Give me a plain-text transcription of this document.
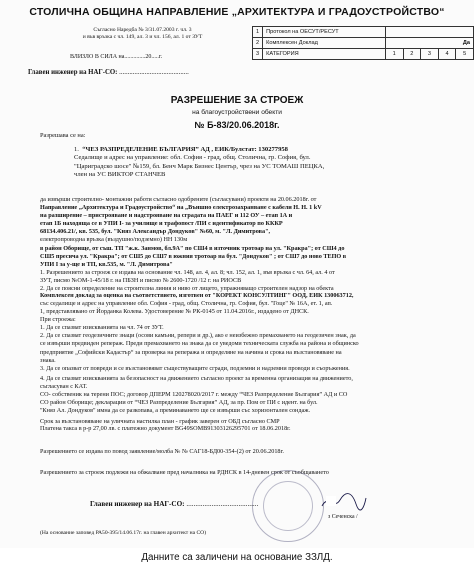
СТОЛИЧНА ОБЩИНА НАПРАВЛЕНИЕ „АРХИТЕКТУРА И ГРАДОУСТРОЙСТВО“
Съгласно Наредба № 3/31.07.2003 г. чл. 3
и във връзка с чл. 149, ал. 3 и чл. 156, ал. 1 от ЗУТ
ВЛИЗЛО В СИЛА на..............20.....г.
Главен инженер на НАГ-СО: .........................................
1	Протокол на ОЕСУТ/РЕСУТ					
2	Комплексен Доклад	Да				
3	КАТЕГОРИЯ	1	2	3	4	5
РАЗРЕШЕНИЕ ЗА СТРОЕЖ
на благоустройствени обекти
№ Б-83/20.06.2018г.
Разрешава се на:
1. “ЧЕЗ РАЗПРЕДЕЛЕНИЕ БЪЛГАРИЯ” АД , ЕИК/Булстат: 130277958
Седалище и адрес на управление: обл. София - град, общ. Столична, гр. София, бул.
"Цариградско шосе" №159, бл. Бенч Марк Бизнес Център, чрез на УС ТОМАШ ПЕЦКА,
член на УС ВИКТОР СТАНЧЕВ
да извърши строително- монтажни работи съгласно одобрените (съгласувани) проекти на 20.06.2018г. от
Направление „Архитектура и Градоустройство“ на „Външно електрозахранване с кабели Н. Н. 1 kV
на разширение – пристрояване и надстрояване на сградата на ПАЕГ и 112 ОУ – етап 1А и
етап 1Б находяща се в УПИ I- за училище и трафопост /ПИ с идентификатор по КККР
68134.406.21/, кв. 535, бул. "Княз Александър Дондуков" №60, м. "Л. Димитрова",
електропроводна връзка (въздушно/подземно) НН 130м
в район Оборище, от съш. ТП "ж.к. Занмов, бл.9А" по СШ4 в източник тротоар на ул. "Кракра"; от СШ4 до
СШ5 пресича ул. "Кракра"; от СШ5 до СШ7 в южния тротоар на бул. "Дондуков" ; от СШ7 до ново ТЕПО в
УПИ I за у-ще и ТП, кв.535, м. "Л. Димитрова"
1. Разрешението за строеж се издава на основание чл. 148, ал. 4, ал. 8; чл. 152, ал. 1, във връзка с чл. 64, ал. 4 от
ЗУТ, писмо №ОМ-1-45/18 г. на ПБЗН и писмо № 2600-1720 /12 г. на РИОСВ
2. Да се поясни определение на строителна линия и ниво от лицето, упражняващо строителен надзор на обекта
Комплексен доклад за оценка на съответствието, изготвен от "КОРЕКТ КОНСУЛТИНГ" ООД, ЕИК 130063712,
със седалище и адрес на управление обл. София - град, общ. Столична, гр. София, бул. "Гоце" № 16А, ет. 1, ап.
1, представлявано от Йорданка Колева. Удостоверение № РК-0145 от 11.04.2016г., издадено от ДНСК.
При строежа:
1. Да се спазват изискванията на чл. 74 от ЗУТ.
2. Да се спазват геодезичните знаци (осови камъни, репери и др.), ако е неизбежно премахването на геодезичен знак, да
се извърши предвиден репераж. Преди премахването на знака да се уведоми техническата служба на района и общинско
предприятие „Софийски Кадастър“ за проверка на репеража и определяне на начина и срока на възстановяване на
знака.
3. Да се опазват от повреди и се възстановяват съществуващите сгради, подземни и надземни проводи и съоръжения.
4. Да се спазват изискванията за безопасност на движението съгласно проект за временна организация на движението,
съгласуван с КАТ.
СО- собственик на терени ПОС; договор ДПЕРМ 120278020/2017 г. между “ЧЕЗ Разпределение България” АД и СО
СО район Оборище; декларации от “ЧЕЗ Разпределение България” АД, за пр. Пом от ПИ с идент. на бул.
"Княз Ал. Дондуков" имна да се разкопава, а преминаването ще се извърши със хоризонтален сондаж.
Срок за възстановяване на уличната настилка план - график заверен от ОБД съгласно СМР
Платена такса в р-р 27,00 лв. с платежно документ BG49SOMB91303126295701 от 18.06.2018г.
Разрешението се издава по повод заявление/молба № № САГ18-БД00-354-(2) от 20.06.2018г.
Разрешението за строеж подлежи на обжалване пред началника на РДНСК в 14-дневен срок от съобщаването
Главен инженер на НАГ-СО: ........................................
з Сеченска /
(На основание заповед РА50-395/14.06.17г. на главен архитект на СО)
Данните са заличени на основание ЗЗЛД.
